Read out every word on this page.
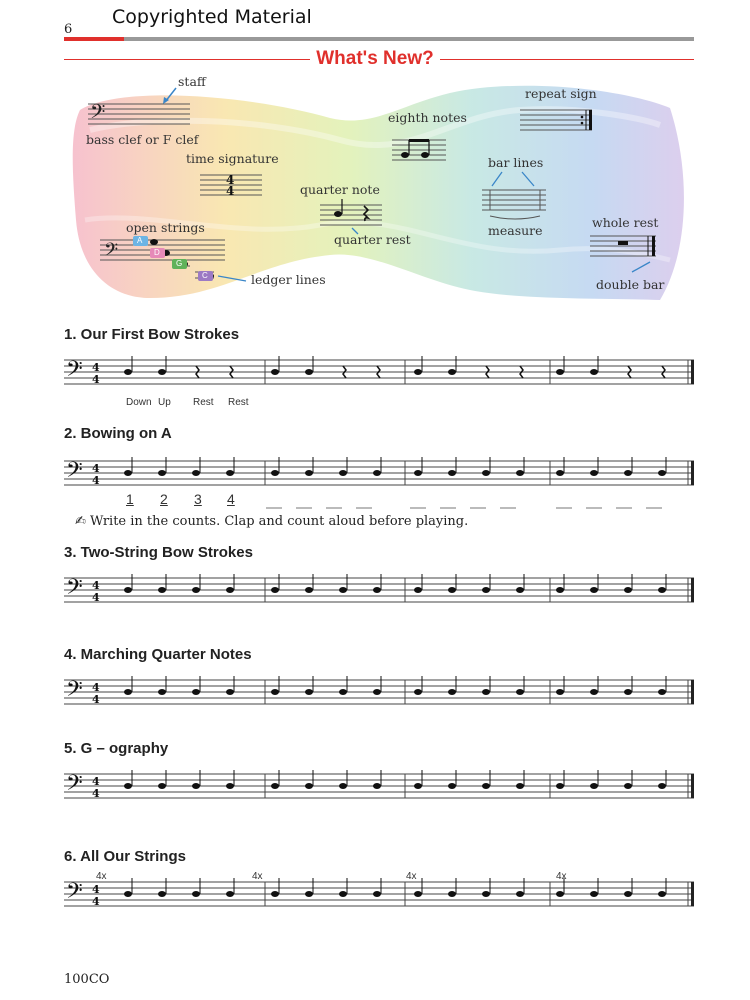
6
Copyrighted Material
What's New?
𝄢
4
4
𝄢
staff
bass clef or F clef
time signature
quarter note
quarter rest
eighth notes
repeat sign
bar lines
measure
whole rest
double bar
open strings
ledger lines
A
D
G
C
1. Our First Bow Strokes
2. Bowing on A
3. Two-String Bow Strokes
4. Marching Quarter Notes
5. G – ography
6. All Our Strings
Down Up Rest Rest
1 2 3 4
✍ Write in the counts. Clap and count aloud before playing.
4x	4x	4x	4x
𝄢 4
4
𝄢 4
4
𝄢 4
4
𝄢 4
4
𝄢 4
4
𝄢 4
4
100CO
